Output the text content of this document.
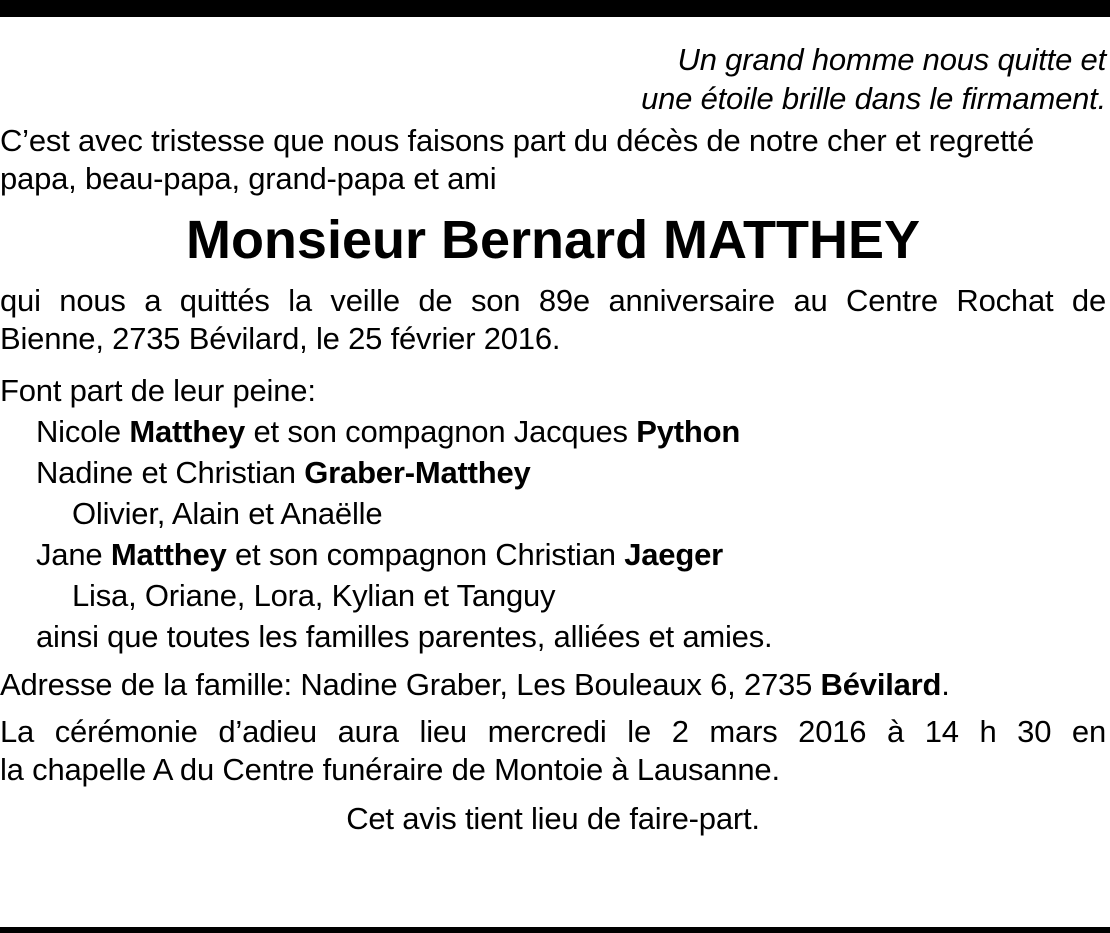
Un grand homme nous quitte et
une étoile brille dans le firmament.
C’est avec tristesse que nous faisons part du décès de notre cher et regretté
papa, beau-papa, grand-papa et ami
Monsieur Bernard MATTHEY
qui nous a quittés la veille de son 89e anniversaire au Centre Rochat de
Bienne, 2735 Bévilard, le 25 février 2016.
Font part de leur peine:
Nicole Matthey et son compagnon Jacques Python
Nadine et Christian Graber-Matthey
Olivier, Alain et Anaëlle
Jane Matthey et son compagnon Christian Jaeger
Lisa, Oriane, Lora, Kylian et Tanguy
ainsi que toutes les familles parentes, alliées et amies.
Adresse de la famille: Nadine Graber, Les Bouleaux 6, 2735 Bévilard.
La cérémonie d’adieu aura lieu mercredi le 2 mars 2016 à 14 h 30 en
la chapelle A du Centre funéraire de Montoie à Lausanne.
Cet avis tient lieu de faire-part.
